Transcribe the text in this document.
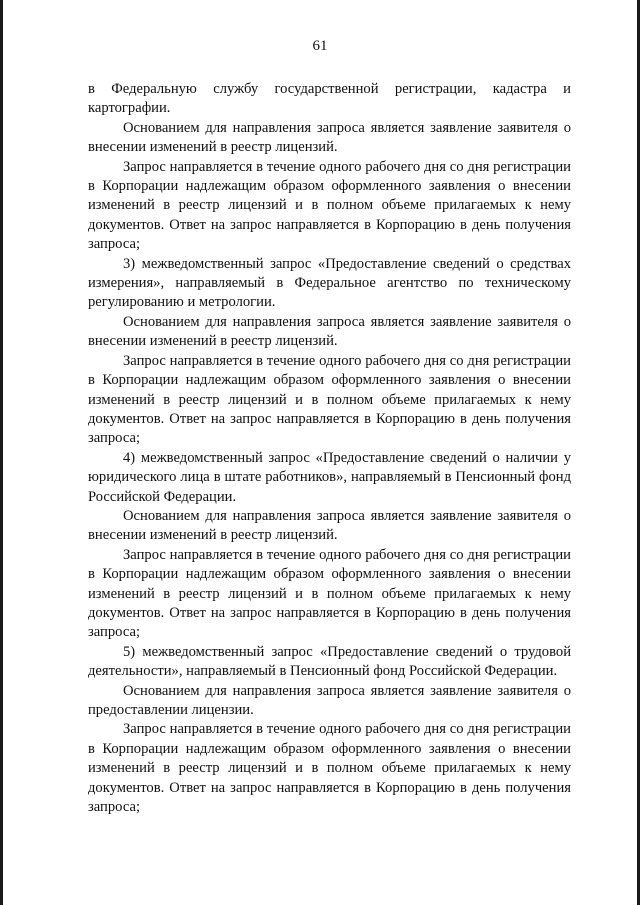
61

в Федеральную службу государственной регистрации, кадастра и картографии.

Основанием для направления запроса является заявление заявителя о внесении изменений в реестр лицензий.

Запрос направляется в течение одного рабочего дня со дня регистрации в Корпорации надлежащим образом оформленного заявления о внесении изменений в реестр лицензий и в полном объеме прилагаемых к нему документов. Ответ на запрос направляется в Корпорацию в день получения запроса;

3) межведомственный запрос «Предоставление сведений о средствах измерения», направляемый в Федеральное агентство по техническому регулированию и метрологии.

Основанием для направления запроса является заявление заявителя о внесении изменений в реестр лицензий.

Запрос направляется в течение одного рабочего дня со дня регистрации в Корпорации надлежащим образом оформленного заявления о внесении изменений в реестр лицензий и в полном объеме прилагаемых к нему документов. Ответ на запрос направляется в Корпорацию в день получения запроса;

4) межведомственный запрос «Предоставление сведений о наличии у юридического лица в штате работников», направляемый в Пенсионный фонд Российской Федерации.

Основанием для направления запроса является заявление заявителя о внесении изменений в реестр лицензий.

Запрос направляется в течение одного рабочего дня со дня регистрации в Корпорации надлежащим образом оформленного заявления о внесении изменений в реестр лицензий и в полном объеме прилагаемых к нему документов. Ответ на запрос направляется в Корпорацию в день получения запроса;

5) межведомственный запрос «Предоставление сведений о трудовой деятельности», направляемый в Пенсионный фонд Российской Федерации.

Основанием для направления запроса является заявление заявителя о предоставлении лицензии.

Запрос направляется в течение одного рабочего дня со дня регистрации в Корпорации надлежащим образом оформленного заявления о внесении изменений в реестр лицензий и в полном объеме прилагаемых к нему документов. Ответ на запрос направляется в Корпорацию в день получения запроса;
